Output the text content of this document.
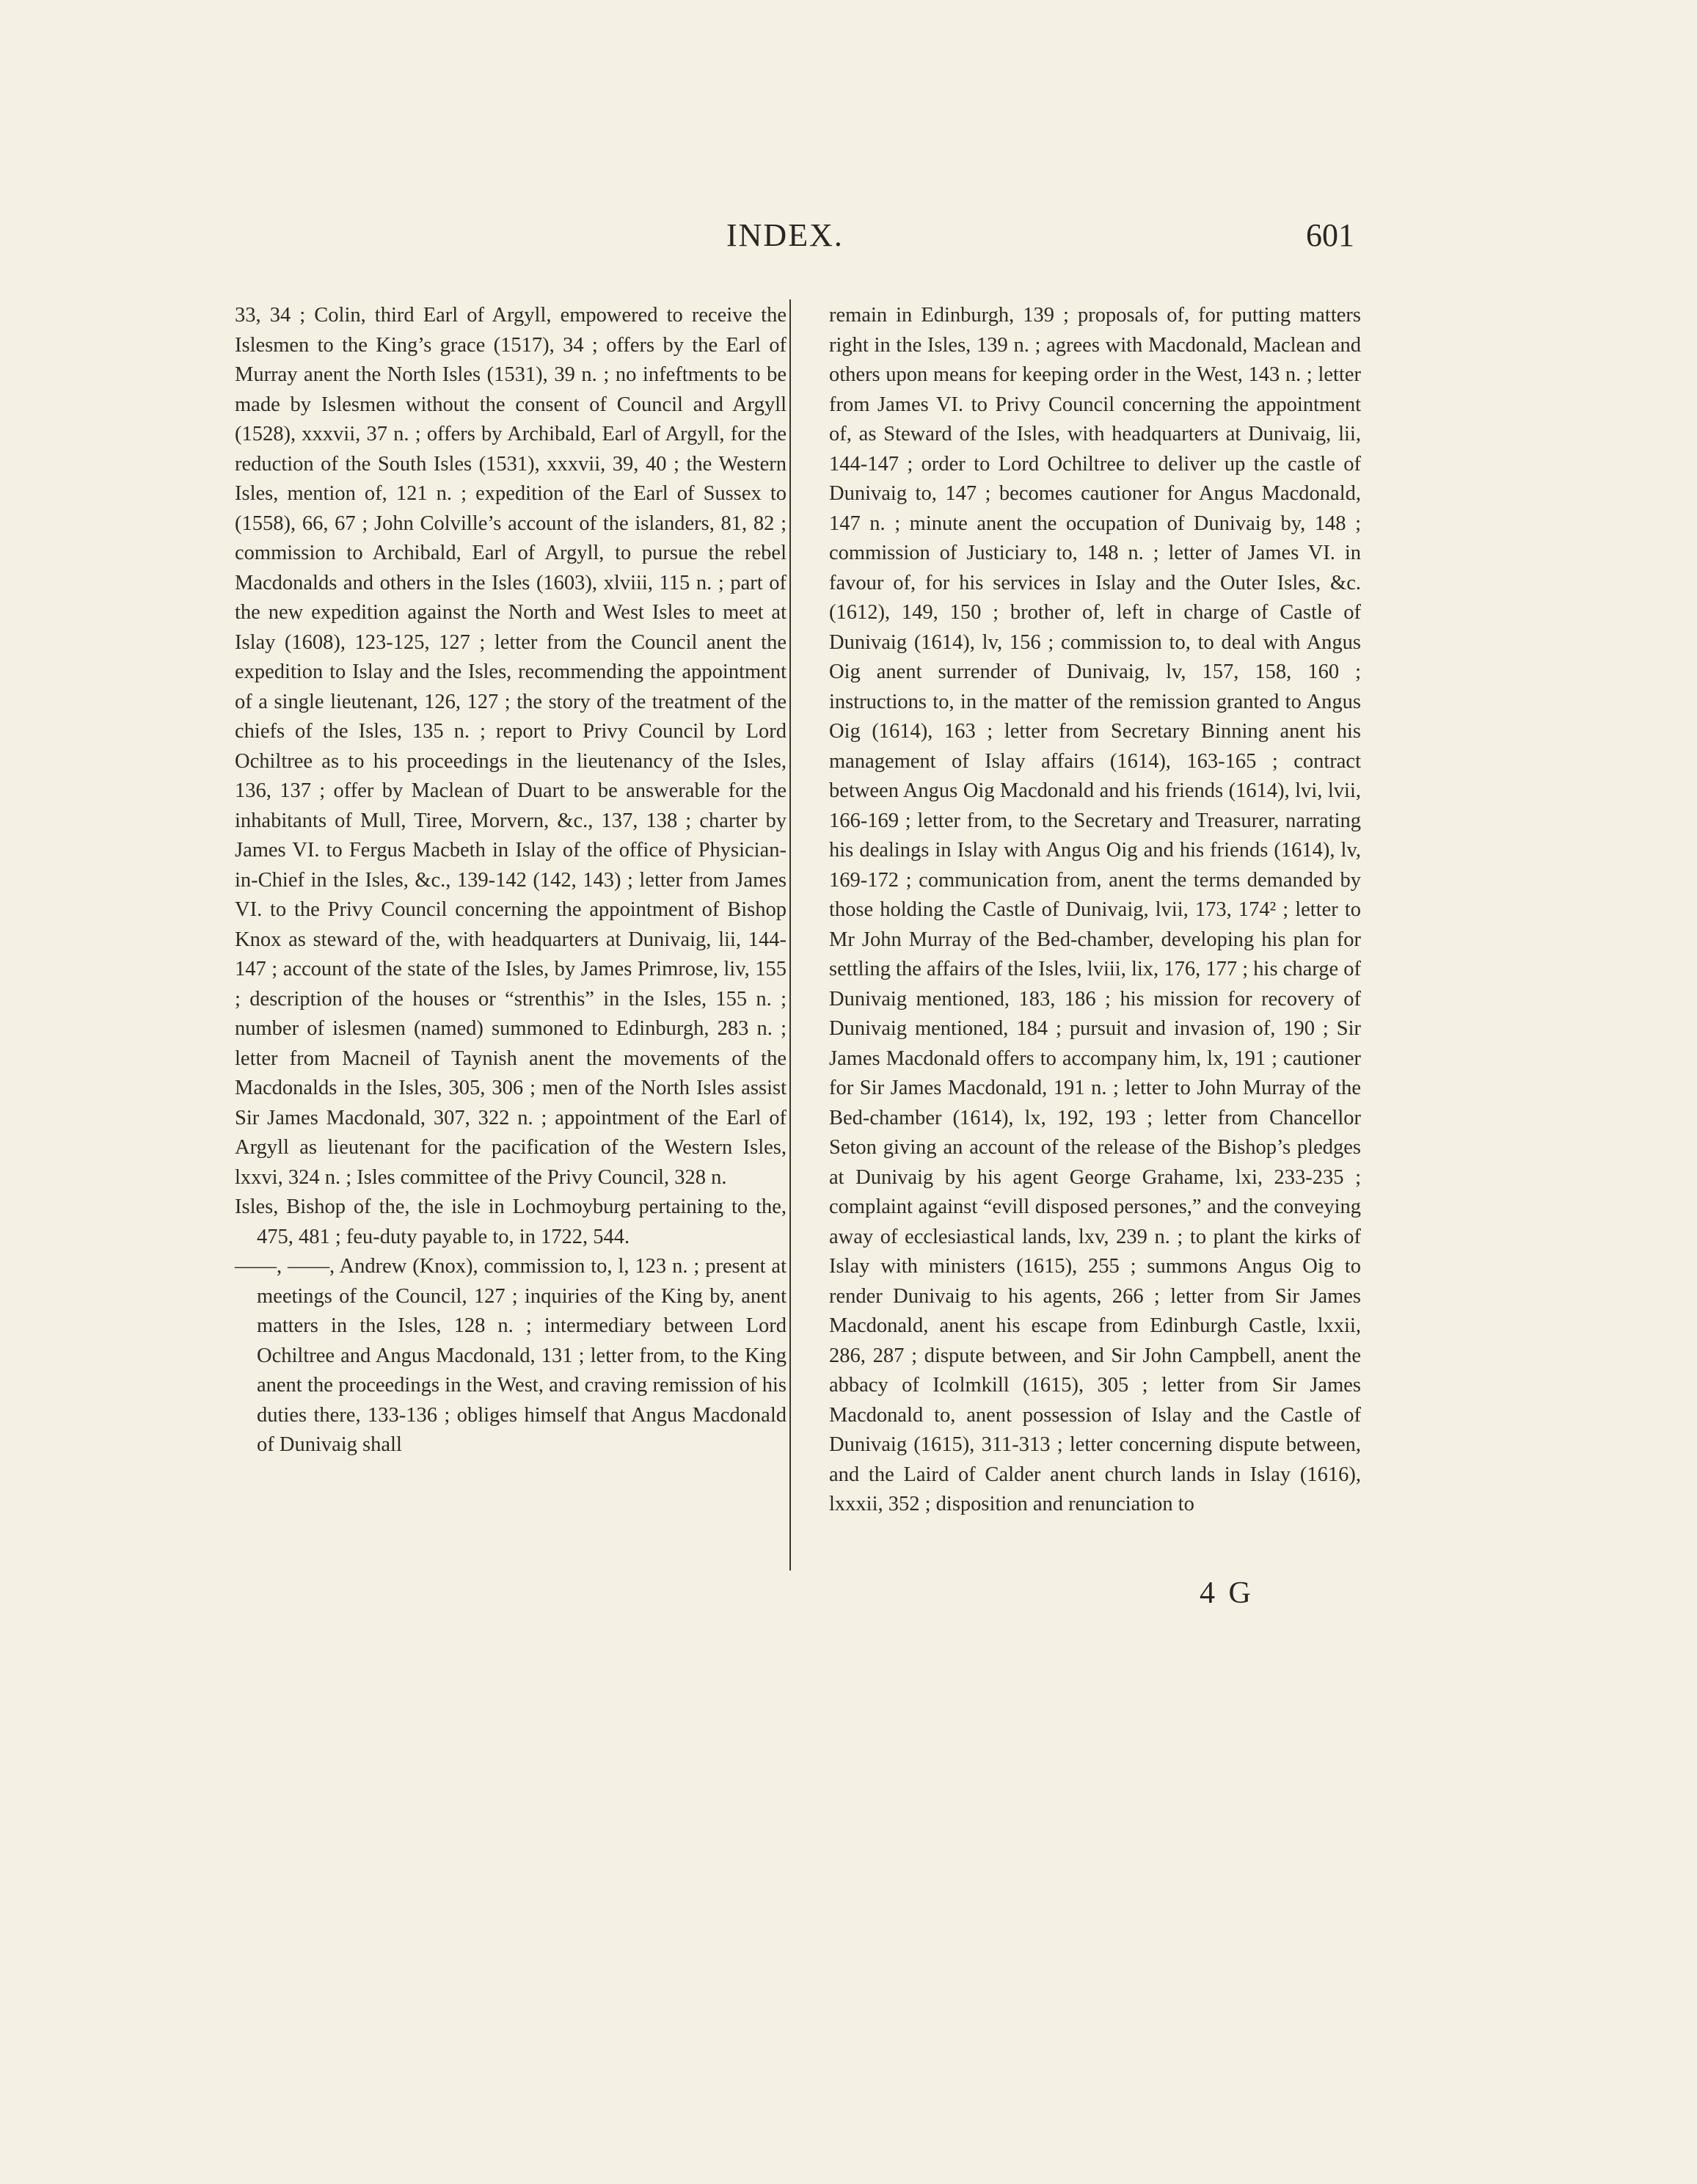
INDEX.	601

33, 34 ; Colin, third Earl of Argyll, empowered to receive the Islesmen to the King’s grace (1517), 34 ; offers by the Earl of Murray anent the North Isles (1531), 39 n. ; no infeftments to be made by Islesmen without the consent of Council and Argyll (1528), xxxvii, 37 n. ; offers by Archibald, Earl of Argyll, for the reduction of the South Isles (1531), xxxvii, 39, 40 ; the Western Isles, mention of, 121 n. ; expedition of the Earl of Sussex to (1558), 66, 67 ; John Colville’s account of the islanders, 81, 82 ; commission to Archibald, Earl of Argyll, to pursue the rebel Macdonalds and others in the Isles (1603), xlviii, 115 n. ; part of the new expedition against the North and West Isles to meet at Islay (1608), 123-125, 127 ; letter from the Council anent the expedition to Islay and the Isles, recommending the appointment of a single lieutenant, 126, 127 ; the story of the treatment of the chiefs of the Isles, 135 n. ; report to Privy Council by Lord Ochiltree as to his proceedings in the lieutenancy of the Isles, 136, 137 ; offer by Maclean of Duart to be answerable for the inhabitants of Mull, Tiree, Morvern, &c., 137, 138 ; charter by James VI. to Fergus Macbeth in Islay of the office of Physician-in-Chief in the Isles, &c., 139-142 (142, 143) ; letter from James VI. to the Privy Council concerning the appointment of Bishop Knox as steward of the, with headquarters at Dunivaig, lii, 144-147 ; account of the state of the Isles, by James Primrose, liv, 155 ; description of the houses or “strenthis” in the Isles, 155 n. ; number of islesmen (named) summoned to Edinburgh, 283 n. ; letter from Macneil of Taynish anent the movements of the Macdonalds in the Isles, 305, 306 ; men of the North Isles assist Sir James Macdonald, 307, 322 n. ; appointment of the Earl of Argyll as lieutenant for the pacification of the Western Isles, lxxvi, 324 n. ; Isles committee of the Privy Council, 328 n.

Isles, Bishop of the, the isle in Lochmoyburg pertaining to the, 475, 481 ; feu-duty payable to, in 1722, 544.

——, ——, Andrew (Knox), commission to, l, 123 n. ; present at meetings of the Council, 127 ; inquiries of the King by, anent matters in the Isles, 128 n. ; intermediary between Lord Ochiltree and Angus Macdonald, 131 ; letter from, to the King anent the proceedings in the West, and craving remission of his duties there, 133-136 ; obliges himself that Angus Macdonald of Dunivaig shall

remain in Edinburgh, 139 ; proposals of, for putting matters right in the Isles, 139 n. ; agrees with Macdonald, Maclean and others upon means for keeping order in the West, 143 n. ; letter from James VI. to Privy Council concerning the appointment of, as Steward of the Isles, with headquarters at Dunivaig, lii, 144-147 ; order to Lord Ochiltree to deliver up the castle of Dunivaig to, 147 ; becomes cautioner for Angus Macdonald, 147 n. ; minute anent the occupation of Dunivaig by, 148 ; commission of Justiciary to, 148 n. ; letter of James VI. in favour of, for his services in Islay and the Outer Isles, &c. (1612), 149, 150 ; brother of, left in charge of Castle of Dunivaig (1614), lv, 156 ; commission to, to deal with Angus Oig anent surrender of Dunivaig, lv, 157, 158, 160 ; instructions to, in the matter of the remission granted to Angus Oig (1614), 163 ; letter from Secretary Binning anent his management of Islay affairs (1614), 163-165 ; contract between Angus Oig Macdonald and his friends (1614), lvi, lvii, 166-169 ; letter from, to the Secretary and Treasurer, narrating his dealings in Islay with Angus Oig and his friends (1614), lv, 169-172 ; communication from, anent the terms demanded by those holding the Castle of Dunivaig, lvii, 173, 174² ; letter to Mr John Murray of the Bed-chamber, developing his plan for settling the affairs of the Isles, lviii, lix, 176, 177 ; his charge of Dunivaig mentioned, 183, 186 ; his mission for recovery of Dunivaig mentioned, 184 ; pursuit and invasion of, 190 ; Sir James Macdonald offers to accompany him, lx, 191 ; cautioner for Sir James Macdonald, 191 n. ; letter to John Murray of the Bed-chamber (1614), lx, 192, 193 ; letter from Chancellor Seton giving an account of the release of the Bishop’s pledges at Dunivaig by his agent George Grahame, lxi, 233-235 ; complaint against “evill disposed persones,” and the conveying away of ecclesiastical lands, lxv, 239 n. ; to plant the kirks of Islay with ministers (1615), 255 ; summons Angus Oig to render Dunivaig to his agents, 266 ; letter from Sir James Macdonald, anent his escape from Edinburgh Castle, lxxii, 286, 287 ; dispute between, and Sir John Campbell, anent the abbacy of Icolmkill (1615), 305 ; letter from Sir James Macdonald to, anent possession of Islay and the Castle of Dunivaig (1615), 311-313 ; letter concerning dispute between, and the Laird of Calder anent church lands in Islay (1616), lxxxii, 352 ; disposition and renunciation to

4 G
